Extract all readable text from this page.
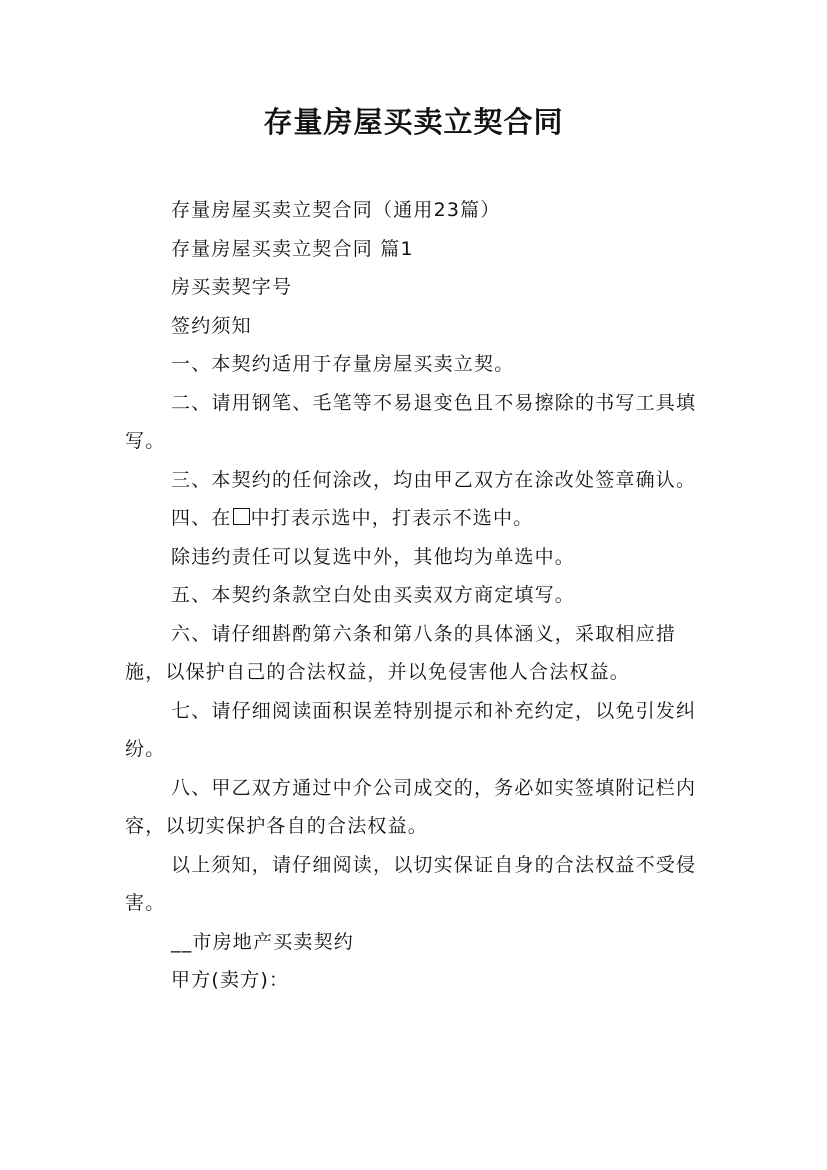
存量房屋买卖立契合同

存量房屋买卖立契合同（通用23篇）

存量房屋买卖立契合同 篇1

房买卖契字号

签约须知

一、本契约适用于存量房屋买卖立契。

二、请用钢笔、毛笔等不易退变色且不易擦除的书写工具填写。

三、本契约的任何涂改，均由甲乙双方在涂改处签章确认。

四、在 中打表示选中，打表示不选中。

除违约责任可以复选中外，其他均为单选中。

五、本契约条款空白处由买卖双方商定填写。

六、请仔细斟酌第六条和第八条的具体涵义，采取相应措施，以保护自己的合法权益，并以免侵害他人合法权益。

七、请仔细阅读面积误差特别提示和补充约定，以免引发纠纷。

八、甲乙双方通过中介公司成交的，务必如实签填附记栏内容，以切实保护各自的合法权益。

以上须知，请仔细阅读，以切实保证自身的合法权益不受侵害。

__市房地产买卖契约

甲方(卖方)：
